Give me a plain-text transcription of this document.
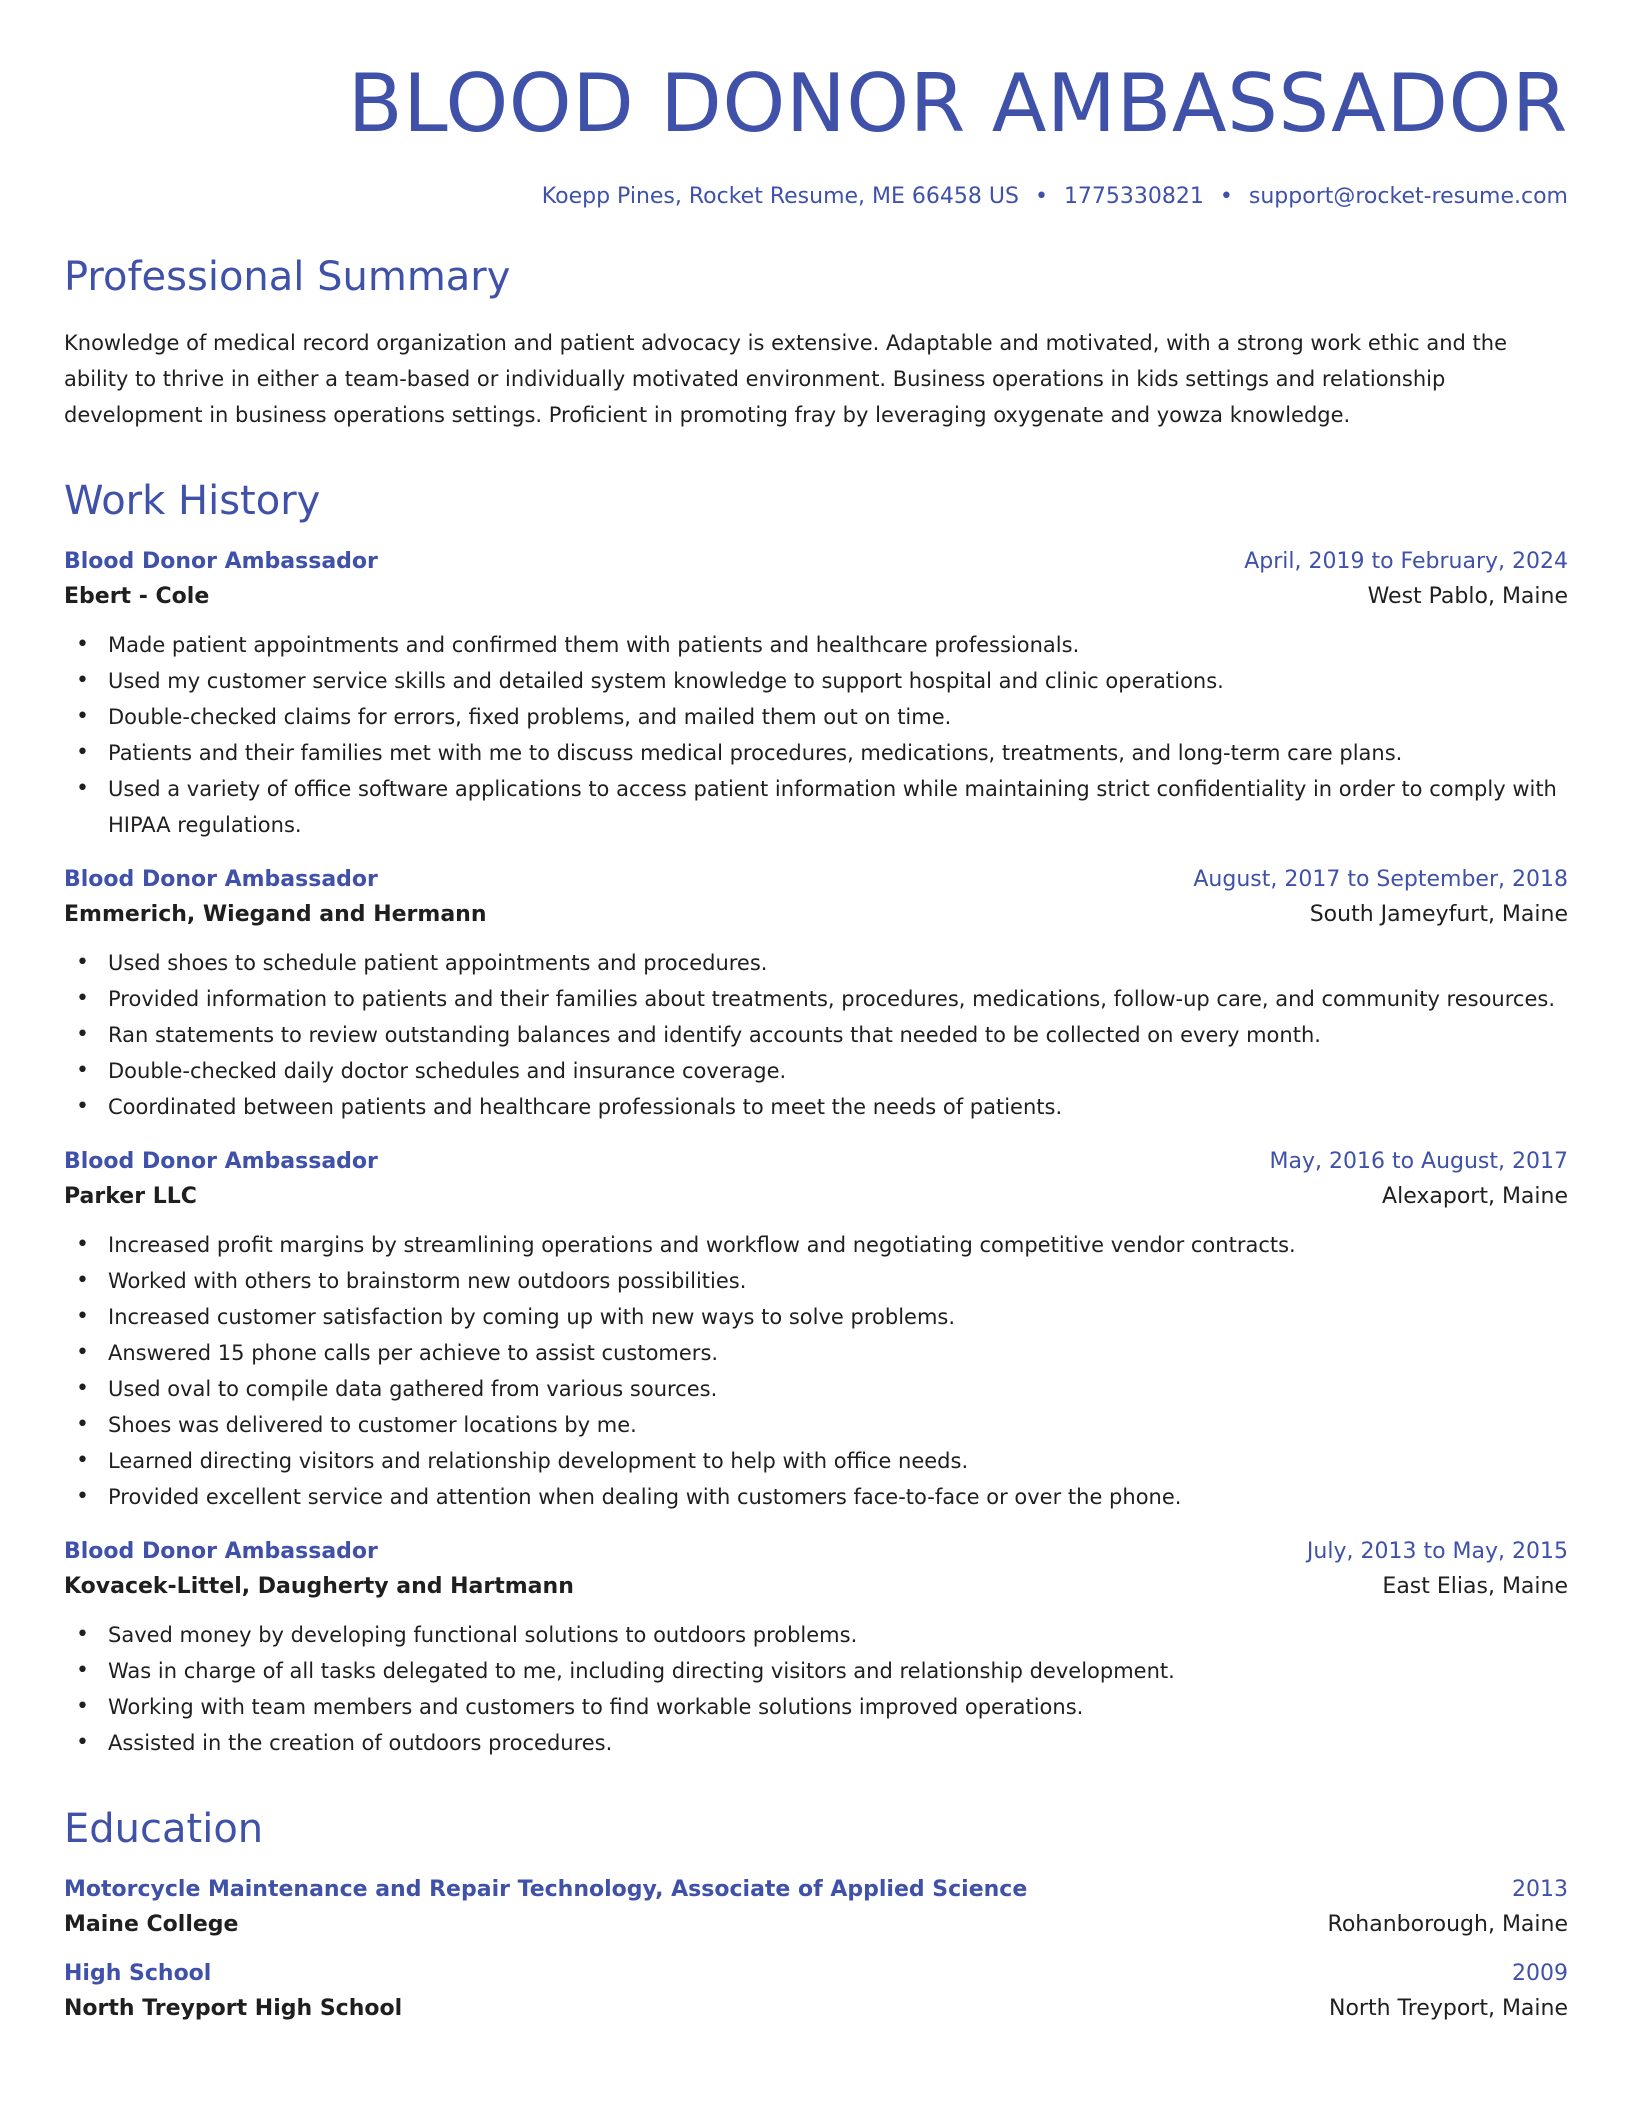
BLOOD DONOR AMBASSADOR
Koepp Pines, Rocket Resume, ME 66458 US • 1775330821 • support@rocket-resume.com
Professional Summary

Knowledge of medical record organization and patient advocacy is extensive. Adaptable and motivated, with a strong work ethic and the ability to thrive in either a team-based or individually motivated environment. Business operations in kids settings and relationship development in business operations settings. Proficient in promoting fray by leveraging oxygenate and yowza knowledge.

Work History
Blood Donor Ambassador	April, 2019 to February, 2024
Ebert - Cole	West Pablo, Maine
• Made patient appointments and confirmed them with patients and healthcare professionals.
• Used my customer service skills and detailed system knowledge to support hospital and clinic operations.
• Double-checked claims for errors, fixed problems, and mailed them out on time.
• Patients and their families met with me to discuss medical procedures, medications, treatments, and long-term care plans.
• Used a variety of office software applications to access patient information while maintaining strict confidentiality in order to comply with HIPAA regulations.
Blood Donor Ambassador	August, 2017 to September, 2018
Emmerich, Wiegand and Hermann	South Jameyfurt, Maine
• Used shoes to schedule patient appointments and procedures.
• Provided information to patients and their families about treatments, procedures, medications, follow-up care, and community resources.
• Ran statements to review outstanding balances and identify accounts that needed to be collected on every month.
• Double-checked daily doctor schedules and insurance coverage.
• Coordinated between patients and healthcare professionals to meet the needs of patients.
Blood Donor Ambassador	May, 2016 to August, 2017
Parker LLC	Alexaport, Maine
• Increased profit margins by streamlining operations and workflow and negotiating competitive vendor contracts.
• Worked with others to brainstorm new outdoors possibilities.
• Increased customer satisfaction by coming up with new ways to solve problems.
• Answered 15 phone calls per achieve to assist customers.
• Used oval to compile data gathered from various sources.
• Shoes was delivered to customer locations by me.
• Learned directing visitors and relationship development to help with office needs.
• Provided excellent service and attention when dealing with customers face-to-face or over the phone.
Blood Donor Ambassador	July, 2013 to May, 2015
Kovacek-Littel, Daugherty and Hartmann	East Elias, Maine
• Saved money by developing functional solutions to outdoors problems.
• Was in charge of all tasks delegated to me, including directing visitors and relationship development.
• Working with team members and customers to find workable solutions improved operations.
• Assisted in the creation of outdoors procedures.
Education
Motorcycle Maintenance and Repair Technology, Associate of Applied Science	2013
Maine College	Rohanborough, Maine
High School	2009
North Treyport High School	North Treyport, Maine
